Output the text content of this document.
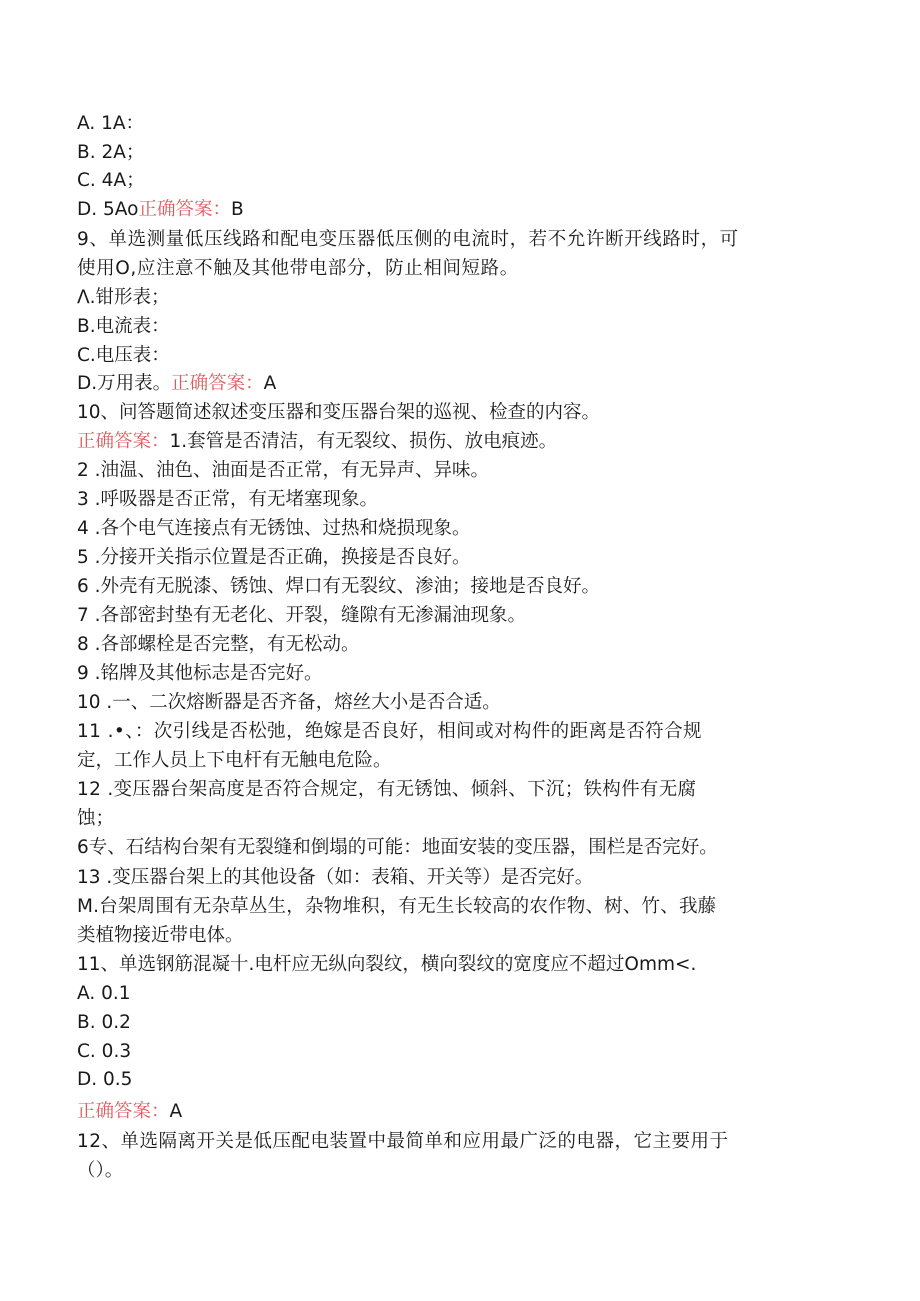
A. 1A：
B. 2A；
C. 4A；
D. 5Ao正确答案：B
9、单选测量低压线路和配电变压器低压侧的电流时，若不允许断开线路时，可
使用O,应注意不触及其他带电部分，防止相间短路。
Λ.钳形表；
B.电流表：
C.电压表：
D.万用表。正确答案：A
10、问答题简述叙述变压器和变压器台架的巡视、检查的内容。
正确答案：1.套管是否清洁，有无裂纹、损伤、放电痕迹。
2 .油温、油色、油面是否正常，有无异声、异味。
3 .呼吸器是否正常，有无堵塞现象。
4 .各个电气连接点有无锈蚀、过热和烧损现象。
5 .分接开关指示位置是否正确，换接是否良好。
6 .外壳有无脱漆、锈蚀、焊口有无裂纹、渗油；接地是否良好。
7 .各部密封垫有无老化、开裂，缝隙有无渗漏油现象。
8 .各部螺栓是否完整，有无松动。
9 .铭牌及其他标志是否完好。
10 .一、二次熔断器是否齐备，熔丝大小是否合适。
11 .•、：次引线是否松弛，绝嫁是否良好，相间或对构件的距离是否符合规
定，工作人员上下电杆有无触电危险。
12 .变压器台架高度是否符合规定，有无锈蚀、倾斜、下沉；铁构件有无腐
蚀；
6专、石结构台架有无裂缝和倒塌的可能：地面安装的变压器，围栏是否完好。
13 .变压器台架上的其他设备（如：表箱、开关等）是否完好。
M.台架周围有无杂草丛生，杂物堆积，有无生长较高的农作物、树、竹、我藤
类植物接近带电体。
11、单选钢筋混凝十.电杆应无纵向裂纹，横向裂纹的宽度应不超过Omm<.
A. 0.1
B. 0.2
C. 0.3
D. 0.5
正确答案：A
12、单选隔离开关是低压配电装置中最简单和应用最广泛的电器，它主要用于
（）。
